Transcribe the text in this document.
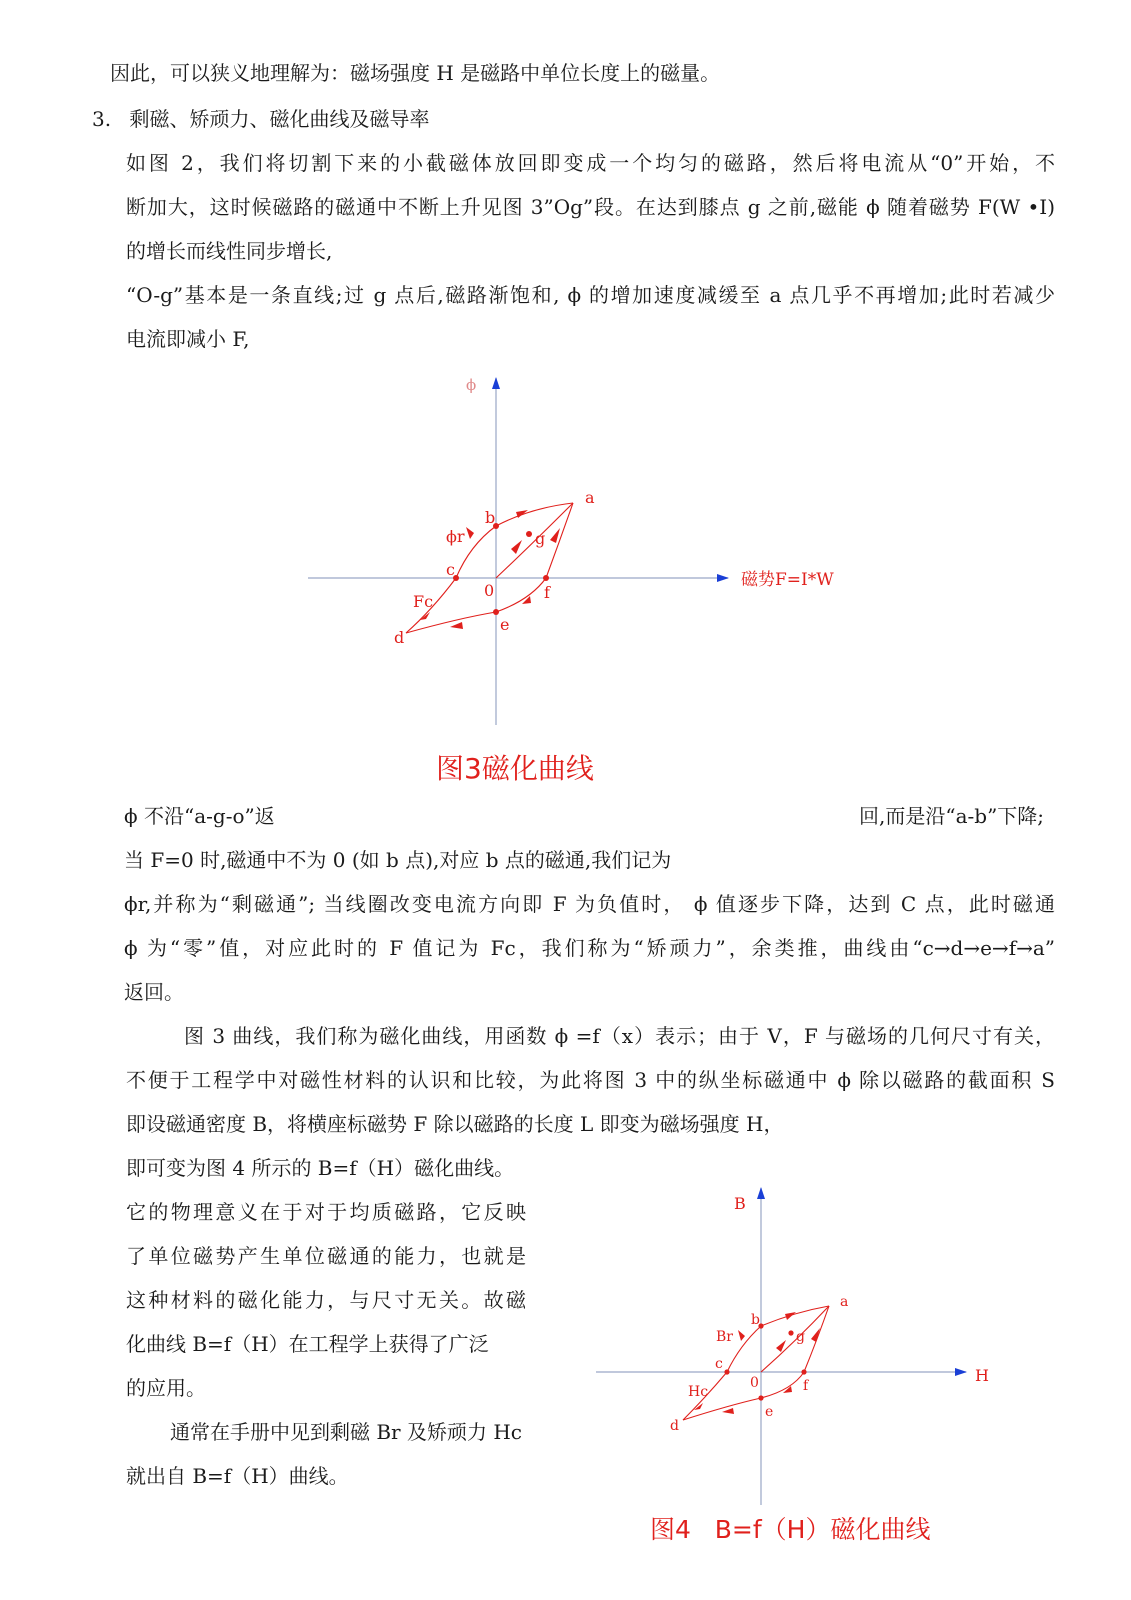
因此，可以狭义地理解为：磁场强度 H 是磁路中单位长度上的磁量。
3. 剩磁、矫顽力、磁化曲线及磁导率
如图 2，我们将切割下来的小截磁体放回即变成一个均匀的磁路，然后将电流从“0”开始，不
断加大，这时候磁路的磁通中不断上升见图 3”Og”段。在达到膝点 g 之前,磁能 ϕ 随着磁势 F(W •I)
的增长而线性同步增长,
“O-g”基本是一条直线;过 g 点后,磁路渐饱和, ϕ 的增加速度减缓至 a 点几乎不再增加;此时若减少
电流即减小 F,
ϕ
磁势F=I*W
a
b
c
d
e
f
g
0
ϕr
Fc
图3磁化曲线
ϕ 不沿“a-g-o”返	回,而是沿“a-b”下降;
当 F=0 时,磁通中不为 0 (如 b 点),对应 b 点的磁通,我们记为
ϕr,并称为“剩磁通”; 当线圈改变电流方向即 F 为负值时， ϕ 值逐步下降，达到 C 点，此时磁通
ϕ 为“零”值，对应此时的 F 值记为 Fc，我们称为“矫顽力”，余类推，曲线由“c→d→e→f→a”
返回。
图 3 曲线，我们称为磁化曲线，用函数 ϕ =f（x）表示；由于 V，F 与磁场的几何尺寸有关，
不便于工程学中对磁性材料的认识和比较，为此将图 3 中的纵坐标磁通中 ϕ 除以磁路的截面积 S
即设磁通密度 B，将横座标磁势 F 除以磁路的长度 L 即变为磁场强度 H，
即可变为图 4 所示的 B=f（H）磁化曲线。
它的物理意义在于对于均质磁路，它反映
了单位磁势产生单位磁通的能力，也就是
这种材料的磁化能力，与尺寸无关。故磁
化曲线 B=f（H）在工程学上获得了广泛
的应用。
通常在手册中见到剩磁 Br 及矫顽力 Hc
就出自 B=f（H）曲线。
B
H
a
b
c
d
e
f
g
0
Br
Hc
图4   B=f（H）磁化曲线
